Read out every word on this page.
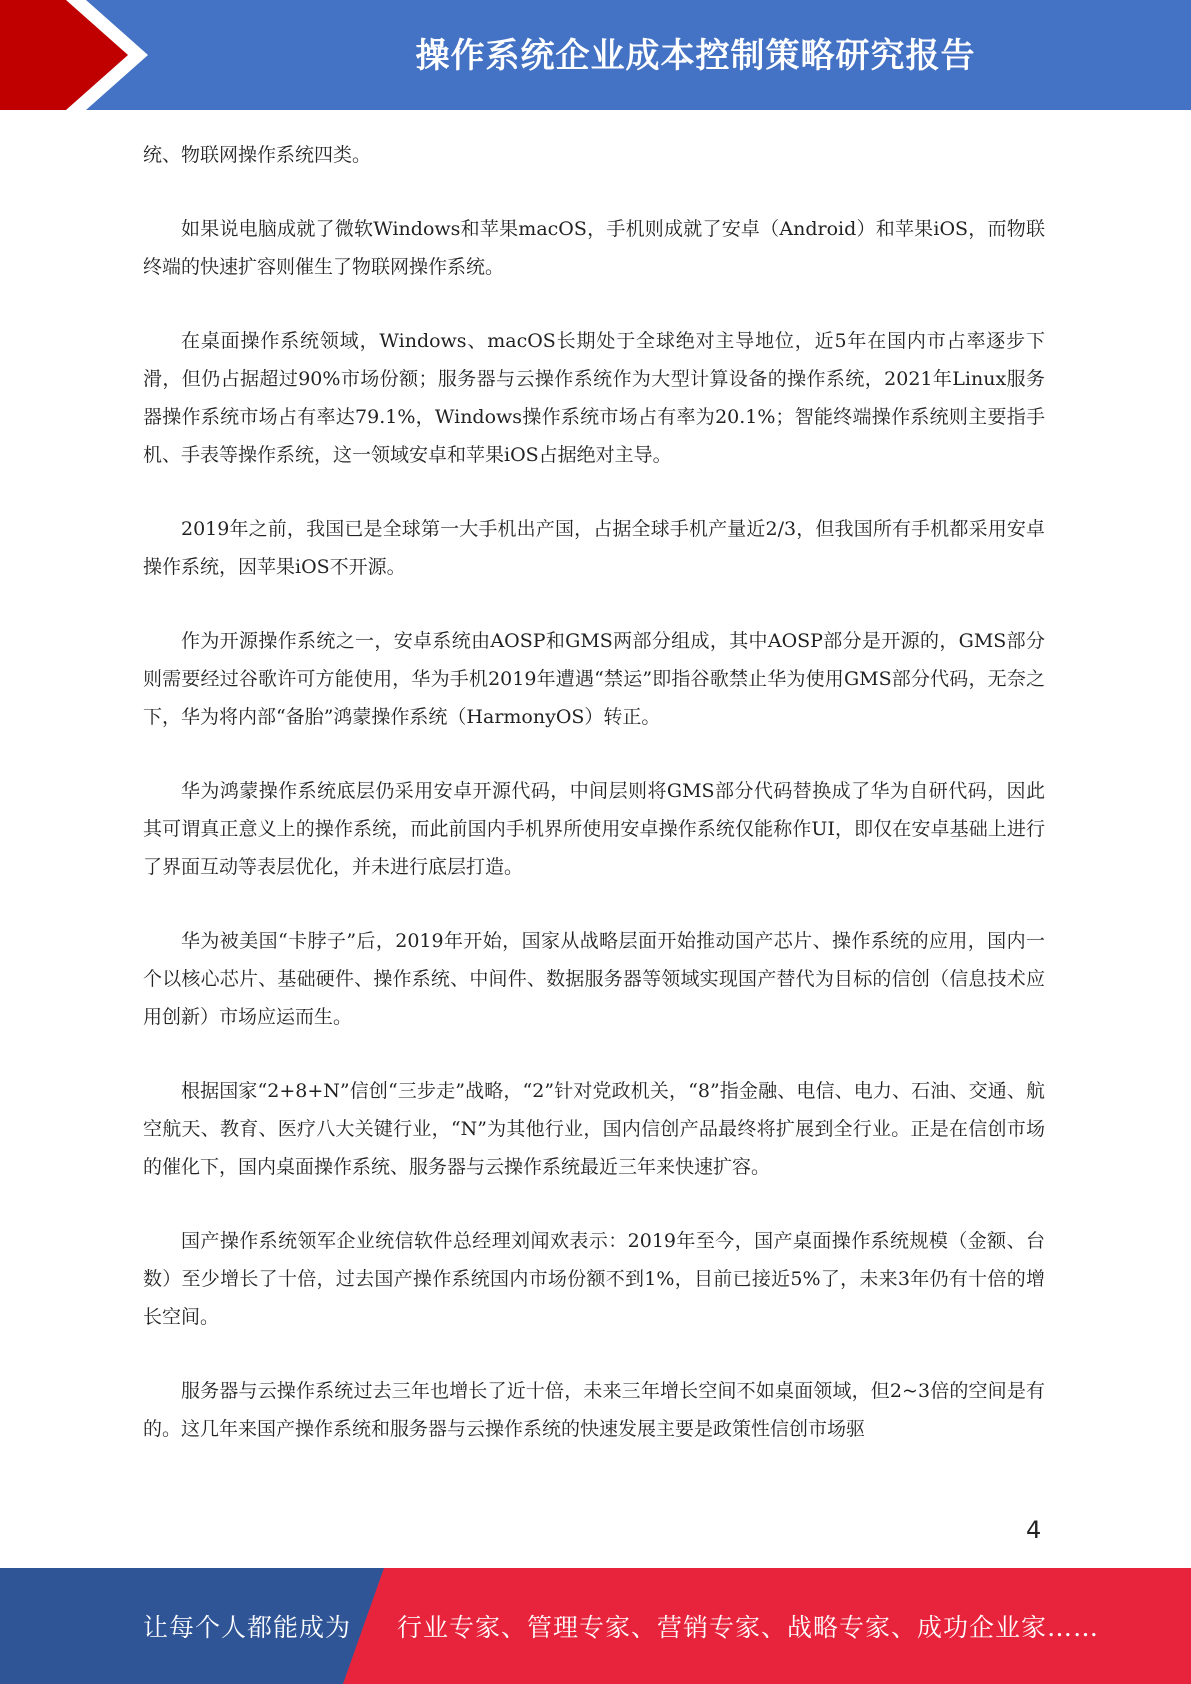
操作系统企业成本控制策略研究报告

统、物联网操作系统四类。

如果说电脑成就了微软Windows和苹果macOS，手机则成就了安卓（Android）和苹果iOS，而物联终端的快速扩容则催生了物联网操作系统。

在桌面操作系统领域，Windows、macOS长期处于全球绝对主导地位，近5年在国内市占率逐步下滑，但仍占据超过90%市场份额；服务器与云操作系统作为大型计算设备的操作系统，2021年Linux服务器操作系统市场占有率达79.1%，Windows操作系统市场占有率为20.1%；智能终端操作系统则主要指手机、手表等操作系统，这一领域安卓和苹果iOS占据绝对主导。

2019年之前，我国已是全球第一大手机出产国，占据全球手机产量近2/3，但我国所有手机都采用安卓操作系统，因苹果iOS不开源。

作为开源操作系统之一，安卓系统由AOSP和GMS两部分组成，其中AOSP部分是开源的，GMS部分则需要经过谷歌许可方能使用，华为手机2019年遭遇“禁运”即指谷歌禁止华为使用GMS部分代码，无奈之下，华为将内部“备胎”鸿蒙操作系统（HarmonyOS）转正。

华为鸿蒙操作系统底层仍采用安卓开源代码，中间层则将GMS部分代码替换成了华为自研代码，因此其可谓真正意义上的操作系统，而此前国内手机界所使用安卓操作系统仅能称作UI，即仅在安卓基础上进行了界面互动等表层优化，并未进行底层打造。

华为被美国“卡脖子”后，2019年开始，国家从战略层面开始推动国产芯片、操作系统的应用，国内一个以核心芯片、基础硬件、操作系统、中间件、数据服务器等领域实现国产替代为目标的信创（信息技术应用创新）市场应运而生。

根据国家“2+8+N”信创“三步走”战略，“2”针对党政机关，“8”指金融、电信、电力、石油、交通、航空航天、教育、医疗八大关键行业，“N”为其他行业，国内信创产品最终将扩展到全行业。正是在信创市场的催化下，国内桌面操作系统、服务器与云操作系统最近三年来快速扩容。

国产操作系统领军企业统信软件总经理刘闻欢表示：2019年至今，国产桌面操作系统规模（金额、台数）至少增长了十倍，过去国产操作系统国内市场份额不到1%，目前已接近5%了，未来3年仍有十倍的增长空间。

服务器与云操作系统过去三年也增长了近十倍，未来三年增长空间不如桌面领域，但2~3倍的空间是有的。这几年来国产操作系统和服务器与云操作系统的快速发展主要是政策性信创市场驱

4
让每个人都能成为 行业专家、管理专家、营销专家、战略专家、成功企业家……
